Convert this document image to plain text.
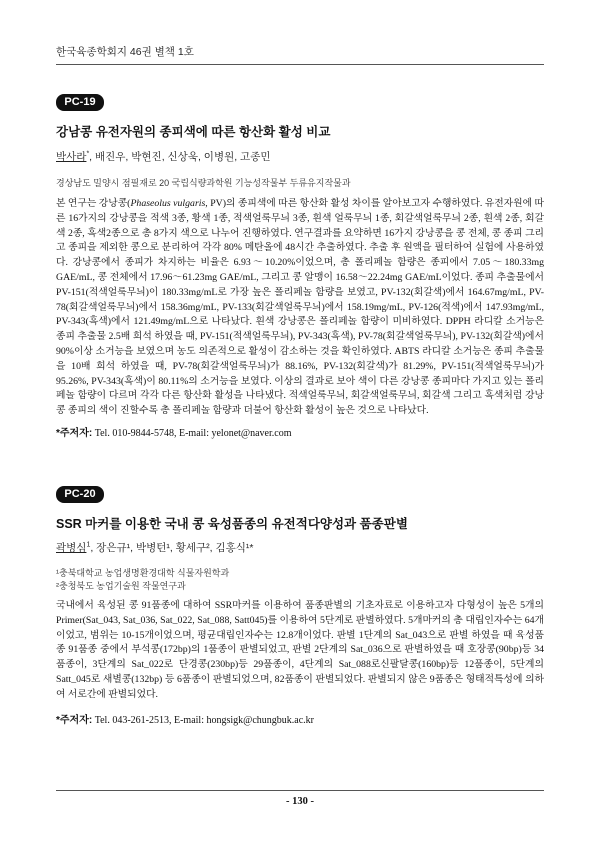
한국육종학회지 46권 별책 1호
PC-19
강남콩 유전자원의 종피색에 따른 항산화 활성 비교
박사라*, 배진우, 박현진, 신상욱, 이병원, 고종민
경상남도 밀양시 점필재로 20 국립식량과학원 기능성작물부 두류유지작물과
본 연구는 강낭콩(Phaseolus vulgaris, PV)의 종피색에 따른 항산화 활성 차이를 알아보고자 수행하였다. 유전자원에 따른 16가지의 강낭콩을 적색 3종, 황색 1종, 적색얼룩무늬 3종, 흰색 얼룩무늬 1종, 회갈색얼룩무늬 2종, 흰색 2종, 회갈색 2종, 흑색2종으로 총 8가지 색으로 나누어 진행하였다. 연구결과를 요약하면 16가지 강낭콩을 콩 전체, 콩 종피 그리고 종피을 제외한 콩으로 분리하여 각각 80% 메탄올에 48시간 추출하였다. 추출 후 원액을 필터하여 실험에 사용하였다. 강낭콩에서 종피가 차지하는 비율은 6.93～10.20%이었으며, 총 폴리페놀 함량은 종피에서 7.05～180.33mg GAE/mL, 콩 전체에서 17.96～61.23mg GAE/mL, 그리고 콩 알맹이 16.58～22.24mg GAE/mL이었다. 종피 추출물에서 PV-151(적색얼룩무늬)이 180.33mg/mL로 가장 높은 폴리페놀 함량을 보였고, PV-132(회갈색)에서 164.67mg/mL, PV-78(회갈색얼룩무늬)에서 158.36mg/mL, PV-133(회갈색얼룩무늬)에서 158.19mg/mL, PV-126(적색)에서 147.93mg/mL, PV-343(흑색)에서 121.49mg/mL으로 나타났다. 흰색 강낭콩은 폴리페놀 함량이 미비하였다. DPPH 라디칼 소거능은 종피 추출물 2.5배 희석 하였을 때, PV-151(적색얼룩무늬), PV-343(흑색), PV-78(회갈색얼룩무늬), PV-132(회갈색)에서 90%이상 소거능을 보였으며 농도 의존적으로 활성이 감소하는 것을 확인하였다. ABTS 라디칼 소거능은 종피 추출물을 10배 희석 하였을 때, PV-78(회갈색얼룩무늬)가 88.16%, PV-132(회갈색)가 81.29%, PV-151(적색얼룩무늬)가 95.26%, PV-343(흑색)이 80.11%의 소거능을 보였다. 이상의 결과로 보아 색이 다른 강낭콩 종피마다 가지고 있는 폴리페놀 함량이 다르며 각각 다른 항산화 활성을 나타냈다. 적색얼룩무늬, 회갈색얼룩무늬, 회갈색 그리고 흑색처럼 강낭콩 종피의 색이 진할수록 총 폴리페놀 함량과 더불어 항산화 활성이 높은 것으로 나타났다.
*주저자: Tel. 010-9844-5748, E-mail: yelonet@naver.com
PC-20
SSR 마커를 이용한 국내 콩 육성품종의 유전적다양성과 품종판별
곽병심$^1$, 장은규¹, 박병턴¹, 황세구², 김홍식¹*
¹충북대학교 농업생명환경대학 식물자원학과
²충청북도 농업기술원 작물연구과
국내에서 육성된 콩 91품종에 대하여 SSR마커를 이용하여 품종판별의 기초자료로 이용하고자 다형성이 높은 5개의 Primer(Sat_043, Sat_036, Sat_022, Sat_088, Satt045)를 이용하여 5단계로 판별하였다. 5개마커의 총 대립인자수는 64개이었고, 범위는 10-15개이었으며, 평균대립인자수는 12.8개이었다. 판별 1단계의 Sat_043으로 판별 하였을 때 육성품종 91품종 중에서 부석콩(172bp)의 1품종이 판별되었고, 판별 2단계의 Sat_036으로 판별하였을 때 호장콩(90bp)등 34품종이, 3단계의 Sat_022로 단경콩(230bp)등 29품종이, 4단계의 Sat_088로신팔달콩(160bp)등 12품종이, 5단계의 Satt_045로 새별콩(132bp) 등 6품종이 판별되었으며, 82품종이 판별되었다. 판별되지 않은 9품종은 형태적특성에 의하여 서로간에 판별되었다.
*주저자: Tel. 043-261-2513, E-mail: hongsigk@chungbuk.ac.kr
- 130 -
